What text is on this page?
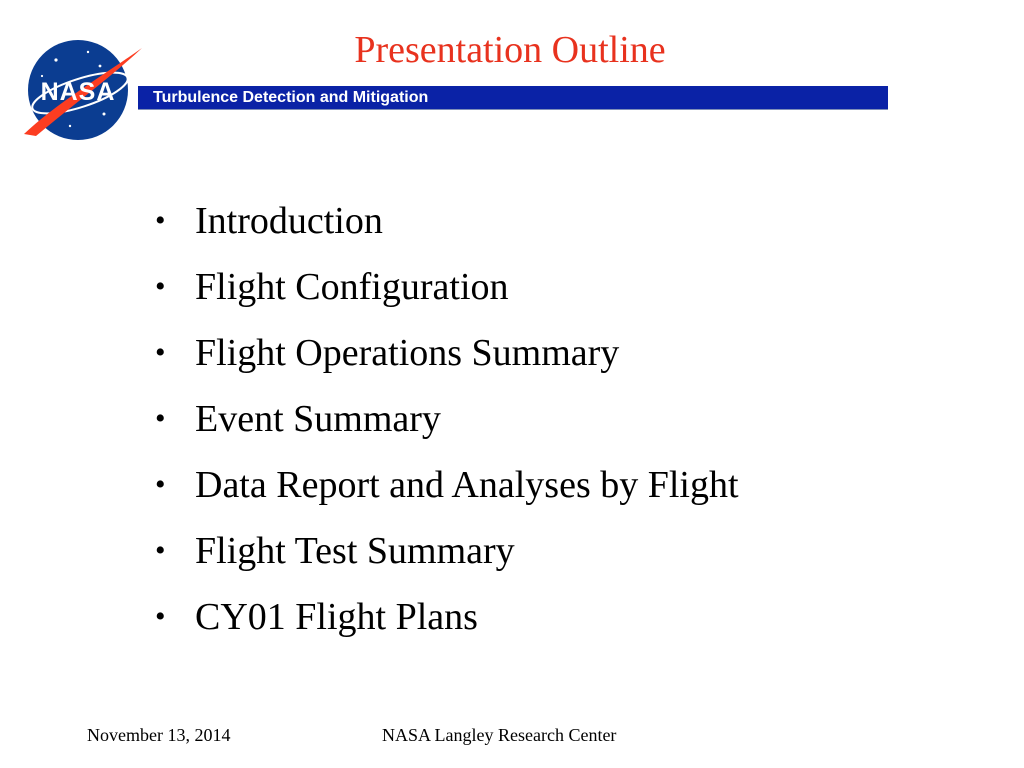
NASA
Presentation Outline
Turbulence Detection and Mitigation
• Introduction
• Flight Configuration
• Flight Operations Summary
• Event Summary
• Data Report and Analyses by Flight
• Flight Test Summary
• CY01 Flight Plans
November 13, 2014	NASA Langley Research Center
